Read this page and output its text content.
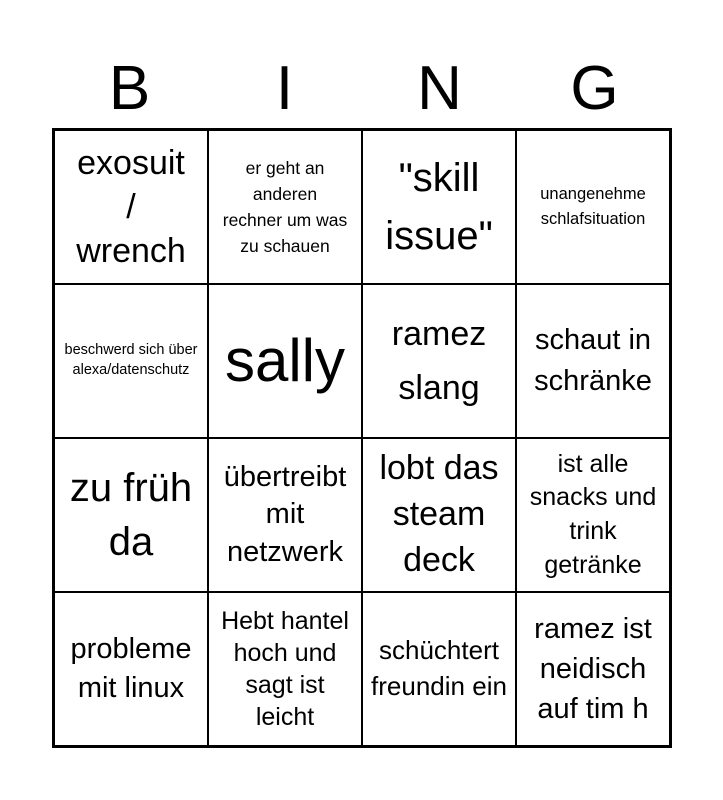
B	I	N	G
exosuit / wrench
er geht an anderen rechner um was zu schauen
"skill issue"
unangenehme schlafsituation
beschwerd sich über alexa/datenschutz sally	ramez slang
schaut in schränke
zu früh da
übertreibt mit netzwerk
lobt das steam deck
ist alle snacks und trink getränke
probleme mit linux
Hebt hantel hoch und sagt ist leicht
schüchtert freundin ein
ramez ist neidisch auf tim h
